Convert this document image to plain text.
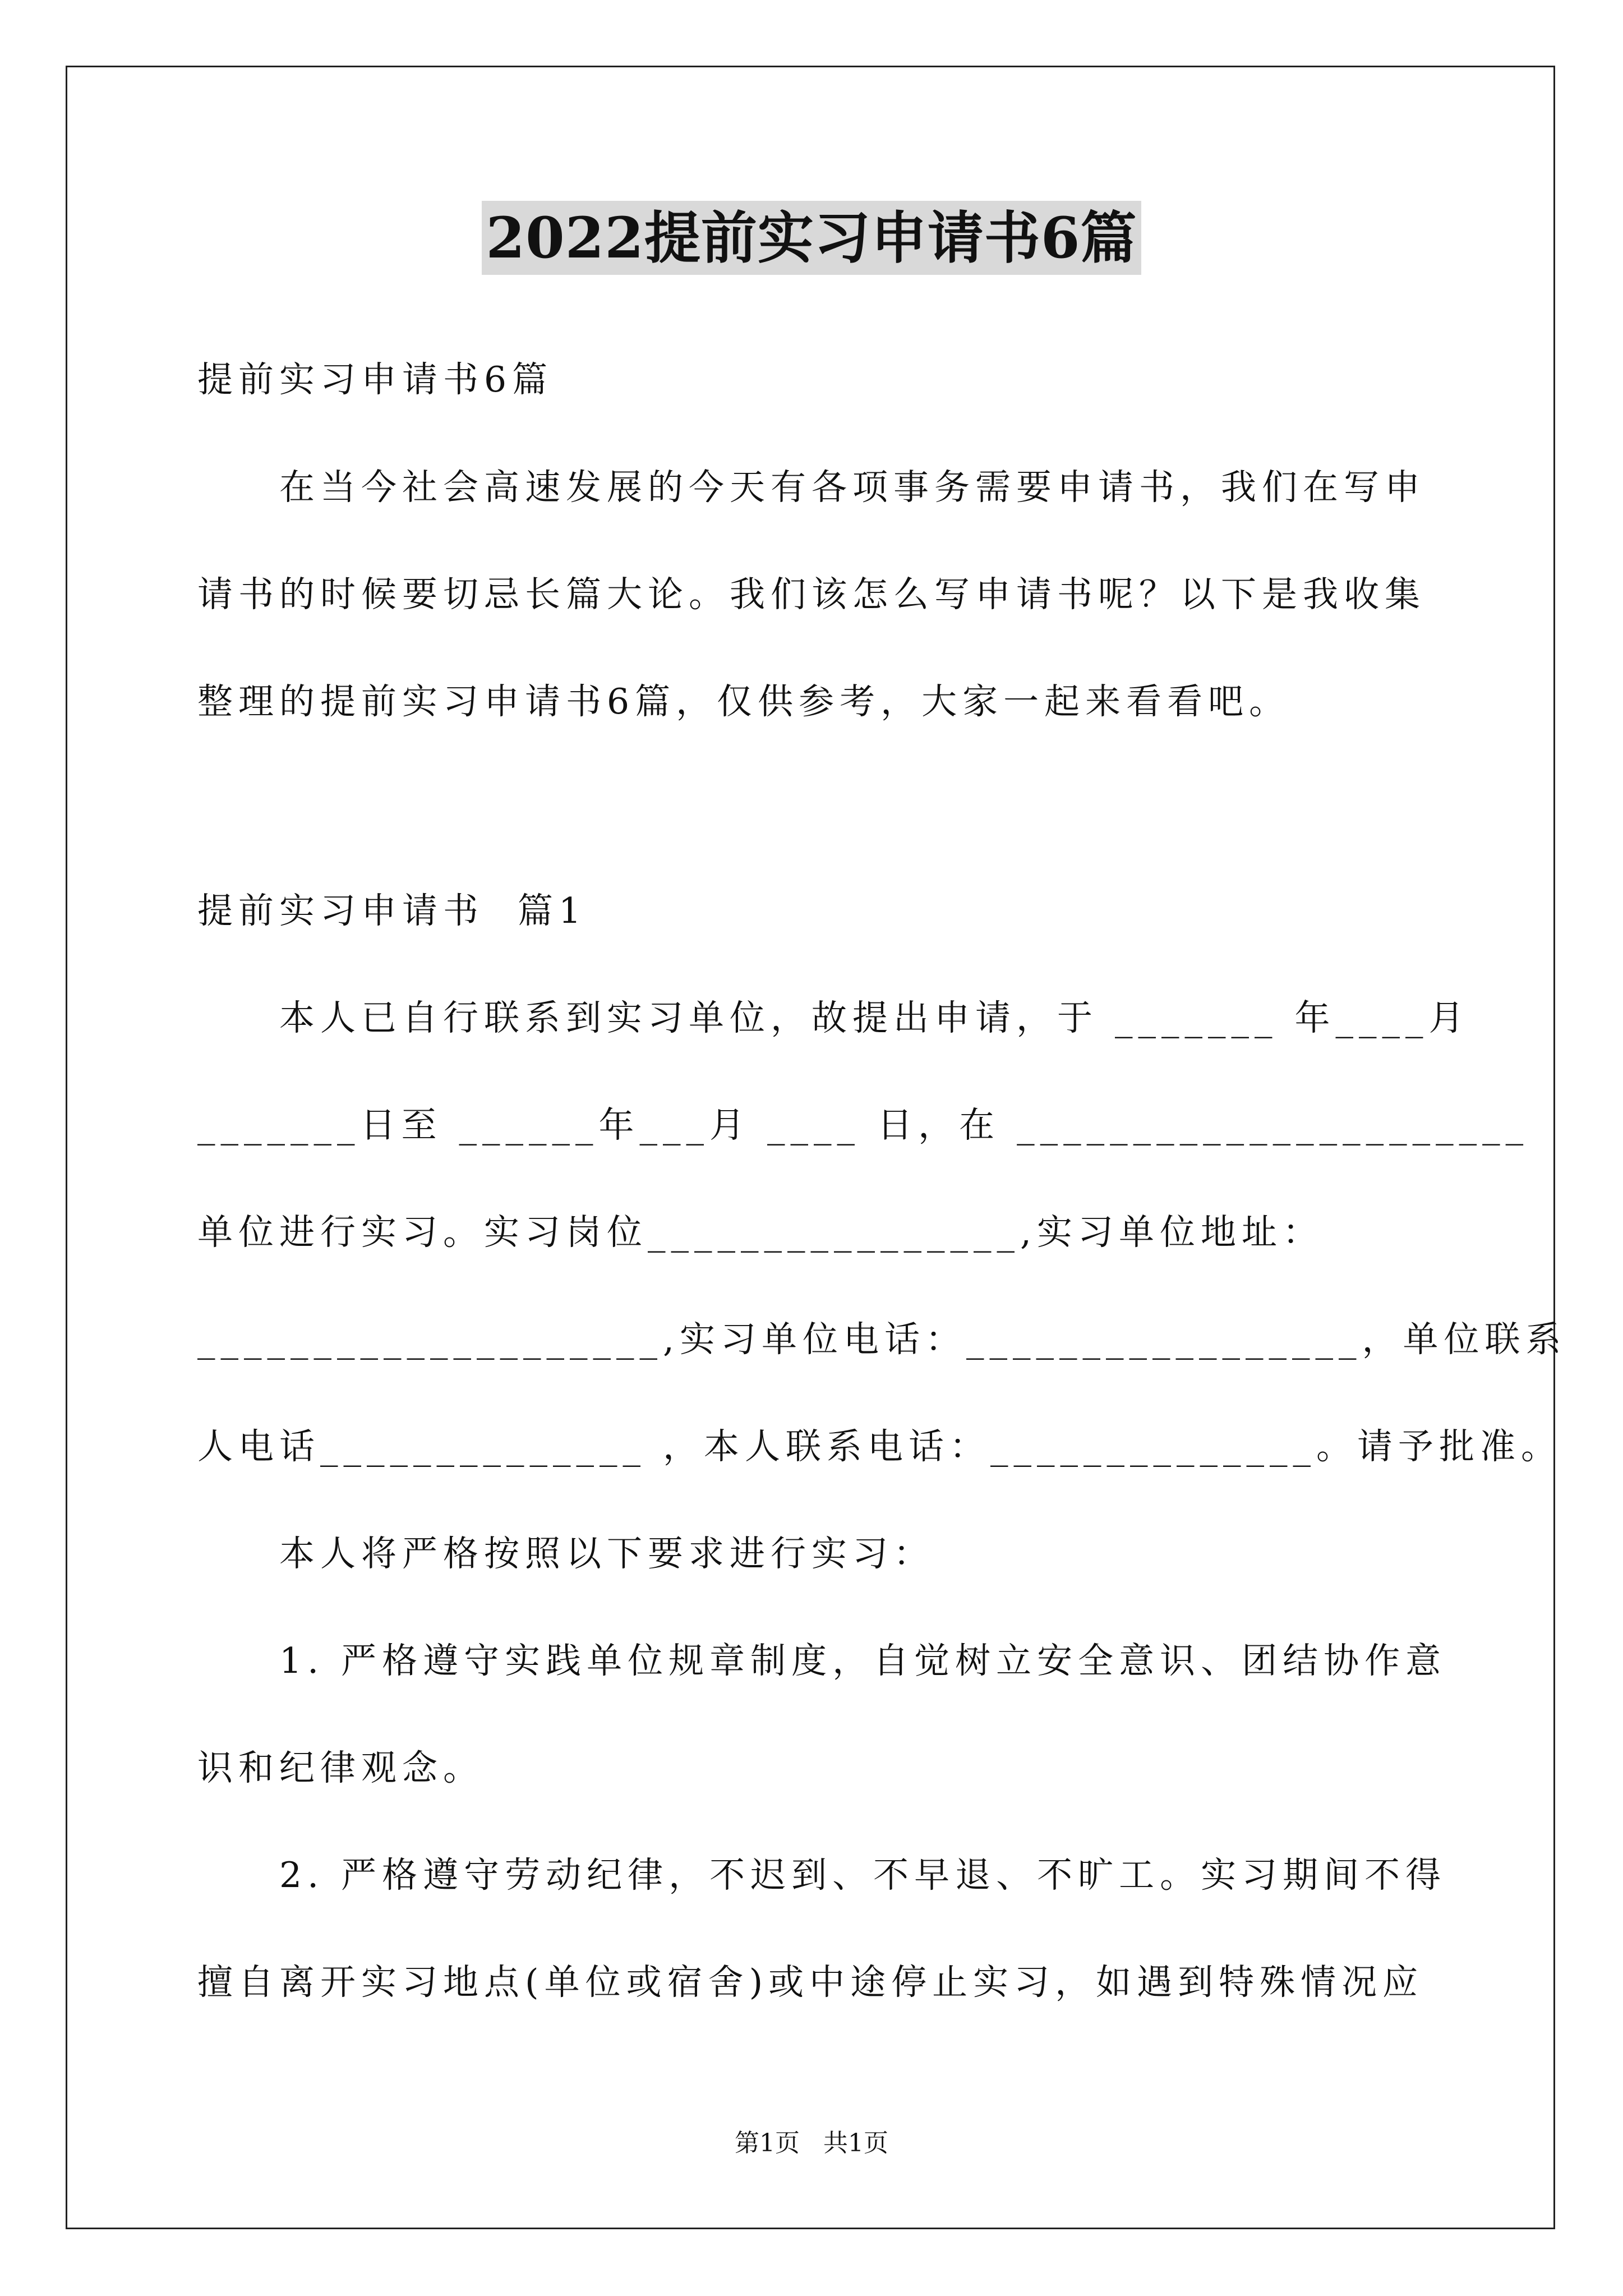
2022提前实习申请书6篇
提前实习申请书6篇
在当今社会高速发展的今天有各项事务需要申请书，我们在写申
请书的时候要切忌长篇大论。我们该怎么写申请书呢？以下是我收集
整理的提前实习申请书6篇，仅供参考，大家一起来看看吧。
提前实习申请书  篇1
本人已自行联系到实习单位，故提出申请，于 _______ 年____月
_______日至 ______年___月 ____ 日，在 ______________________
单位进行实习。实习岗位________________,实习单位地址：
____________________,实习单位电话：_________________，单位联系
人电话______________ ，本人联系电话：______________。请予批准。
本人将严格按照以下要求进行实习：
1. 严格遵守实践单位规章制度，自觉树立安全意识、团结协作意
识和纪律观念。
2. 严格遵守劳动纪律，不迟到、不早退、不旷工。实习期间不得
擅自离开实习地点(单位或宿舍)或中途停止实习，如遇到特殊情况应
第1页   共1页
